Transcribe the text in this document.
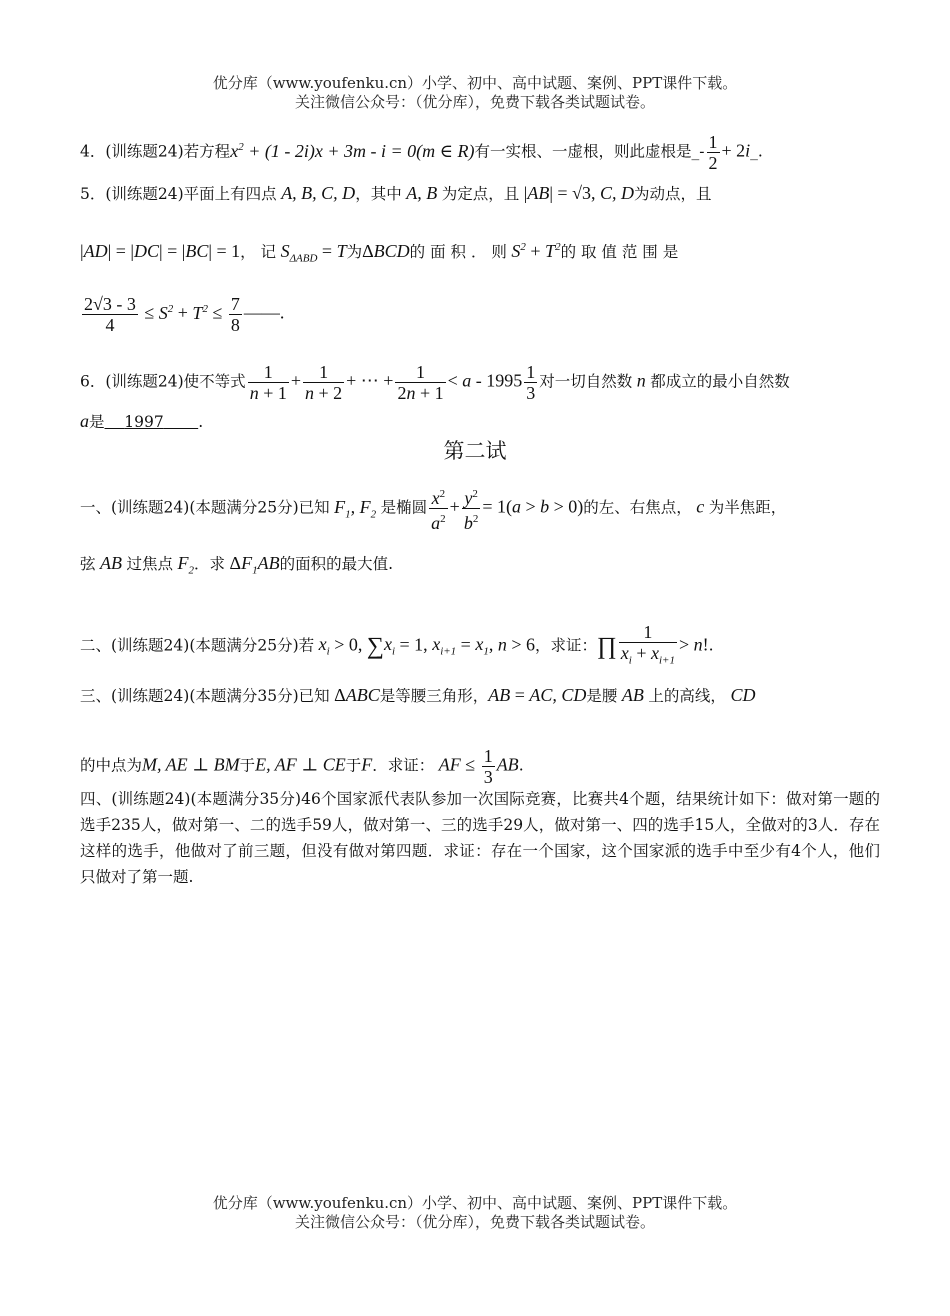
优分库（www.youfenku.cn）小学、初中、高中试题、案例、PPT课件下载。
关注微信公众号：（优分库），免费下载各类试题试卷。
4．(训练题24)若方程$x^2 + (1 - 2i)x + 3m - i = 0(m$ ∈ R)有一实根、一虚根，则此虚根是_- $\frac{1}{2}$ + 2i_.
5．(训练题24)平面上有四点 A, B, C, D，其中 A, B 为定点，且 |AB| = √3, C, D为动点，且
|AD| = |DC| = |BC| = 1， 记 $S_{\Delta ABD} = T$为ΔBCD的 面 积 ． 则 $S^2 + T^2$的 取 值 范 围 是
$\frac{2√3 - 3}{4} \le S^2 + T^2 \le \frac{7}{8}$ ——.
6．(训练题24)使不等式 $\frac{1}{n + 1} + \frac{1}{n + 2}$ + ⋯ + $\frac{1}{2n + 1} < a - 1995 \frac{1}{3}$ 对一切自然数 n 都成立的最小自然数
a是 1997 .
第二试
一、(训练题24)(本题满分25分)已知 $F_1$, $F_2$ 是椭圆 $\frac{x^2}{a^2} + \frac{y^2}{b^2} = 1(a > b > 0)$的左、右焦点， c 为半焦距，
弦 AB 过焦点 $F_2$．求 $\Delta F_1AB$的面积的最大值.
二、(训练题24)(本题满分25分)若 $x_i > 0$, $\sum x_i = 1$, $x_{i+1} = x_1$, n > 6，求证：∏ $\frac{1}{x_i + x_{i+1}} > n$!.
三、(训练题24)(本题满分35分)已知 ΔABC是等腰三角形，AB = AC, CD是腰 AB 上的高线， CD
的中点为M, AE ⊥ BM于E, AF ⊥ CE于F．求证： AF ≤ $\frac{1}{3}$ AB.
四、(训练题24)(本题满分35分)46个国家派代表队参加一次国际竞赛，比赛共4个题，结果统计如下：做对第一题的选手235人，做对第一、二的选手59人，做对第一、三的选手29人，做对第一、四的选手15人，全做对的3人．存在这样的选手，他做对了前三题，但没有做对第四题．求证：存在一个国家，这个国家派的选手中至少有4个人，他们只做对了第一题.
优分库（www.youfenku.cn）小学、初中、高中试题、案例、PPT课件下载。
关注微信公众号：（优分库），免费下载各类试题试卷。
